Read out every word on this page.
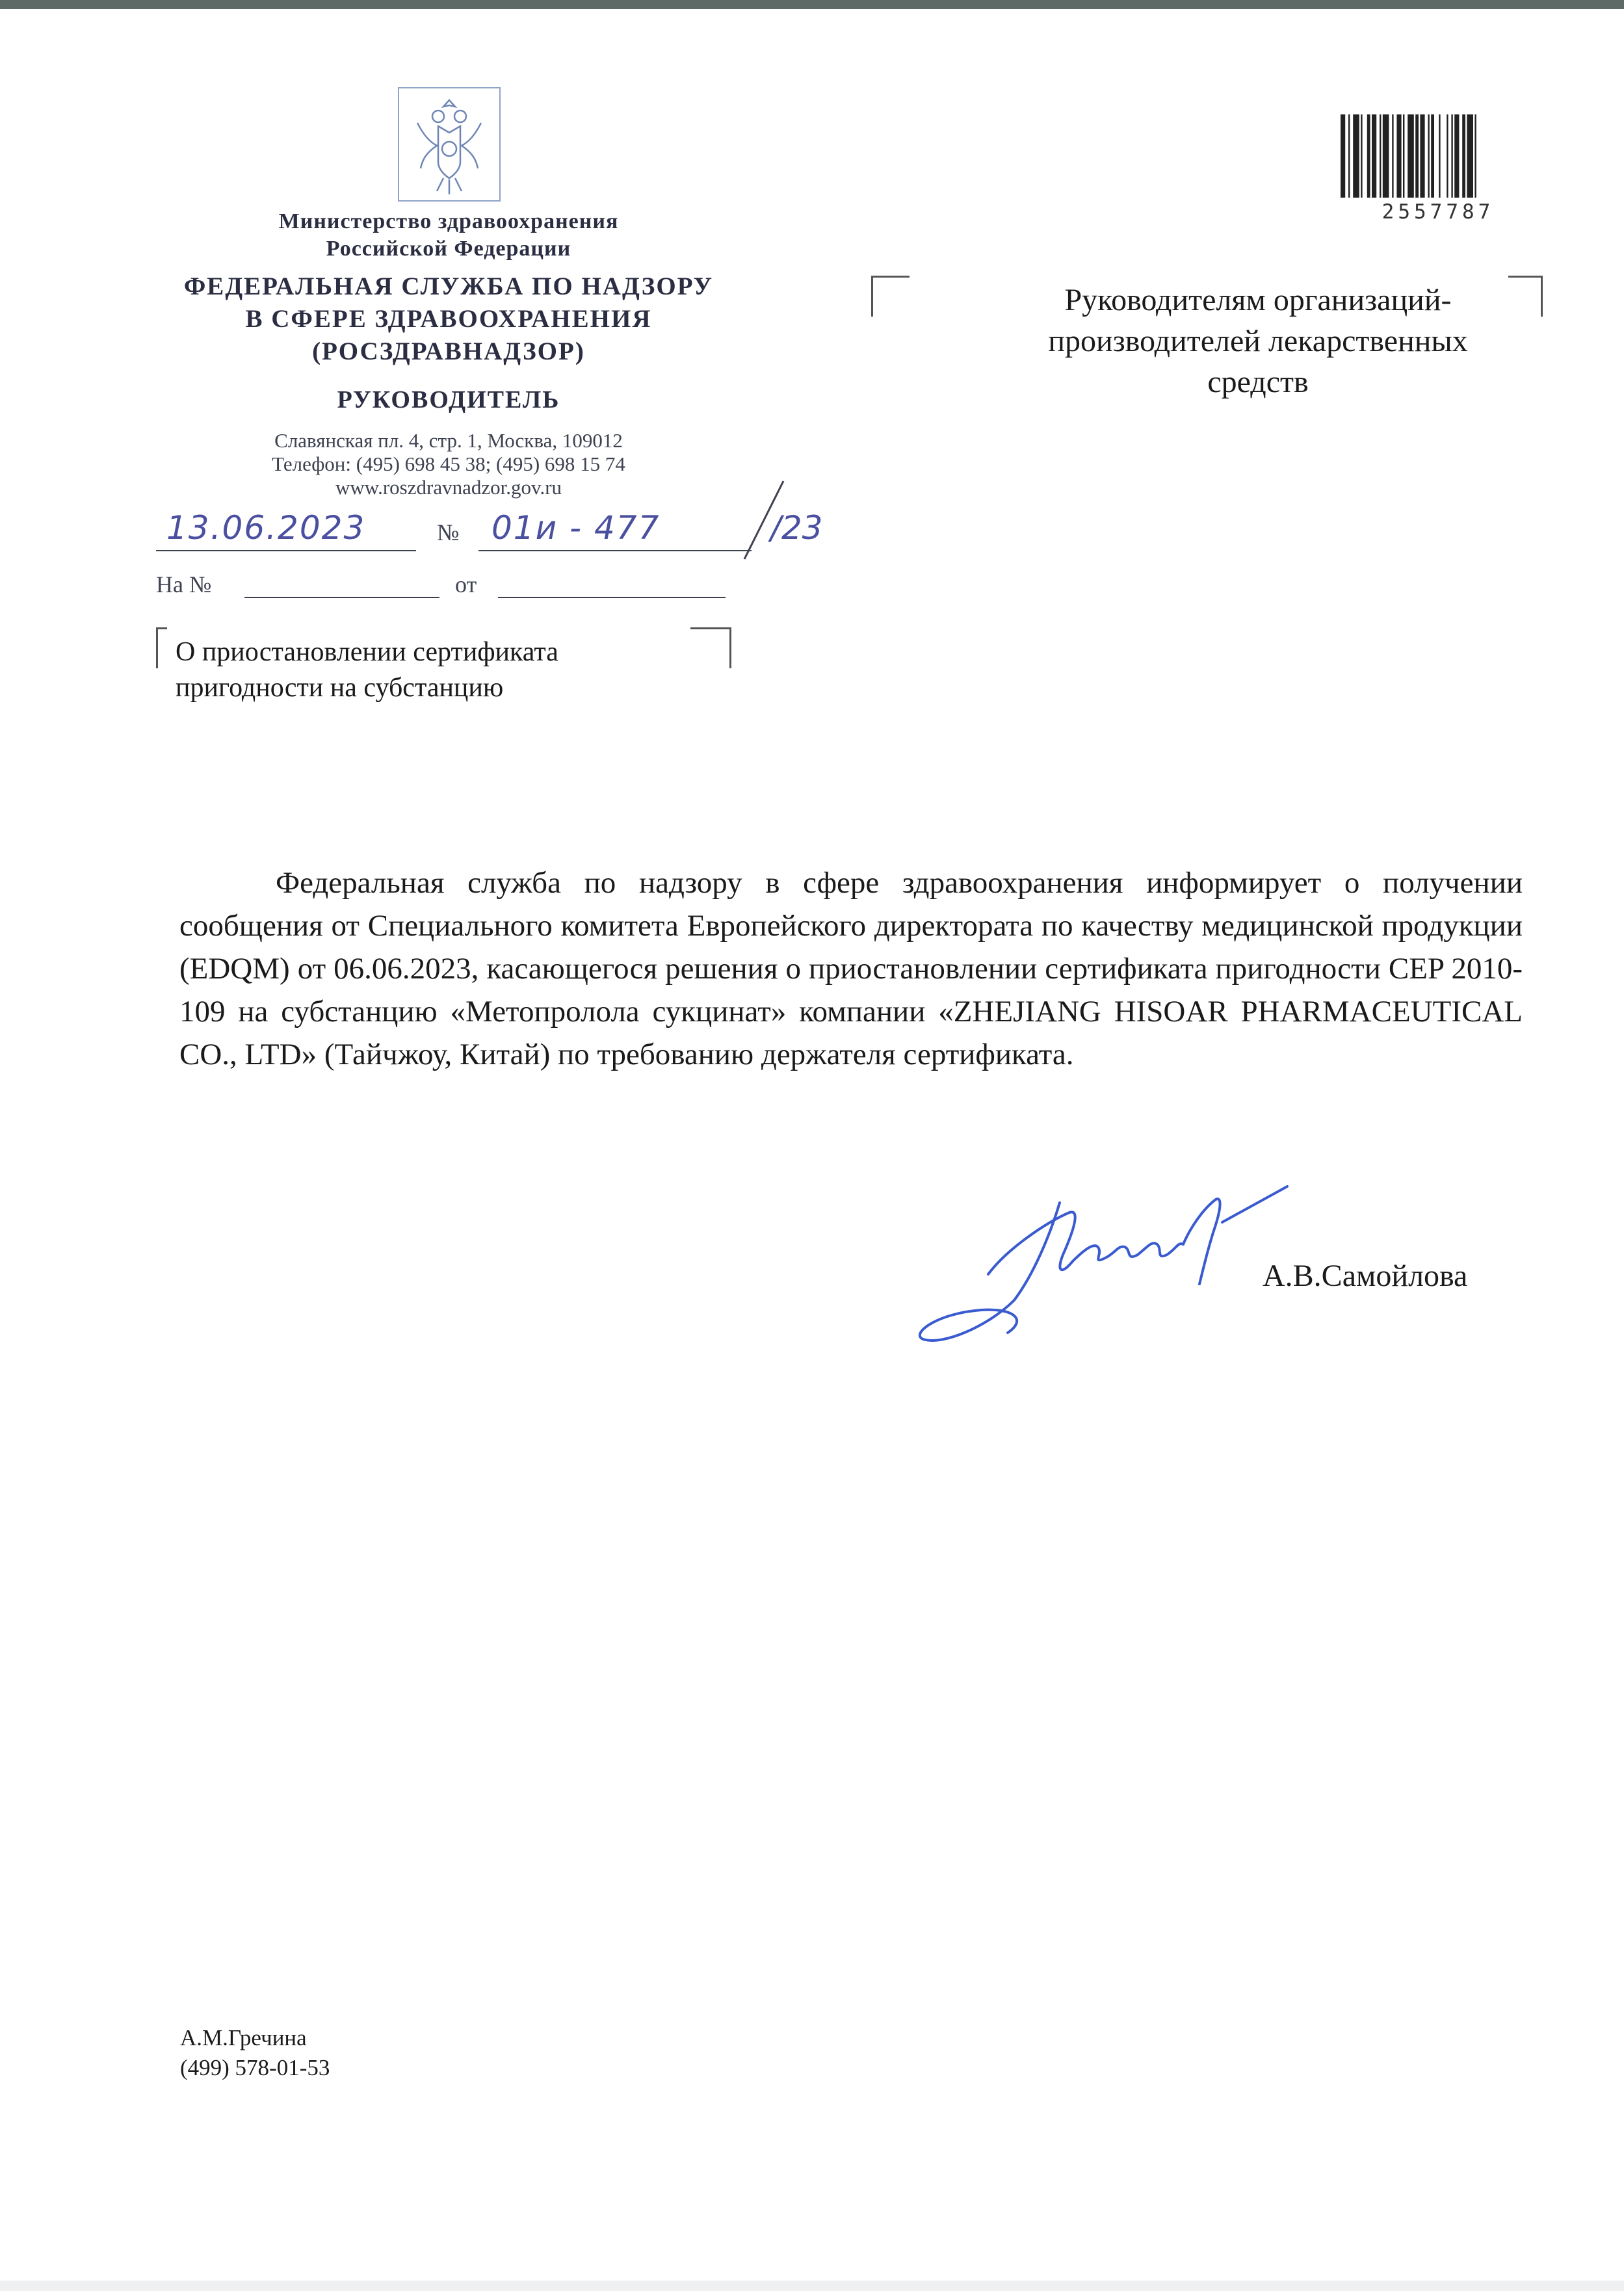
Министерство здравоохранения
Российской Федерации
ФЕДЕРАЛЬНАЯ СЛУЖБА ПО НАДЗОРУ
В СФЕРЕ ЗДРАВООХРАНЕНИЯ
(РОСЗДРАВНАДЗОР)
РУКОВОДИТЕЛЬ
Славянская пл. 4, стр. 1, Москва, 109012
Телефон: (495) 698 45 38; (495) 698 15 74
www.roszdravnadzor.gov.ru
13.06.2023	№ 01и - 477	/23
На №	от
О приостановлении сертификата
пригодности на субстанцию
2557787
Руководителям организаций-
производителей лекарственных
средств
Федеральная служба по надзору в сфере здравоохранения информирует о получении сообщения от Специального комитета Европейского директората по качеству медицинской продукции (EDQM) от 06.06.2023, касающегося решения о приостановлении сертификата пригодности CEP 2010-109 на субстанцию «Метопролола сукцинат» компании «ZHEJIANG HISOAR PHARMACEUTICAL CO., LTD» (Тайчжоу, Китай) по требованию держателя сертификата.
А.В.Самойлова
А.М.Гречина
(499) 578-01-53
